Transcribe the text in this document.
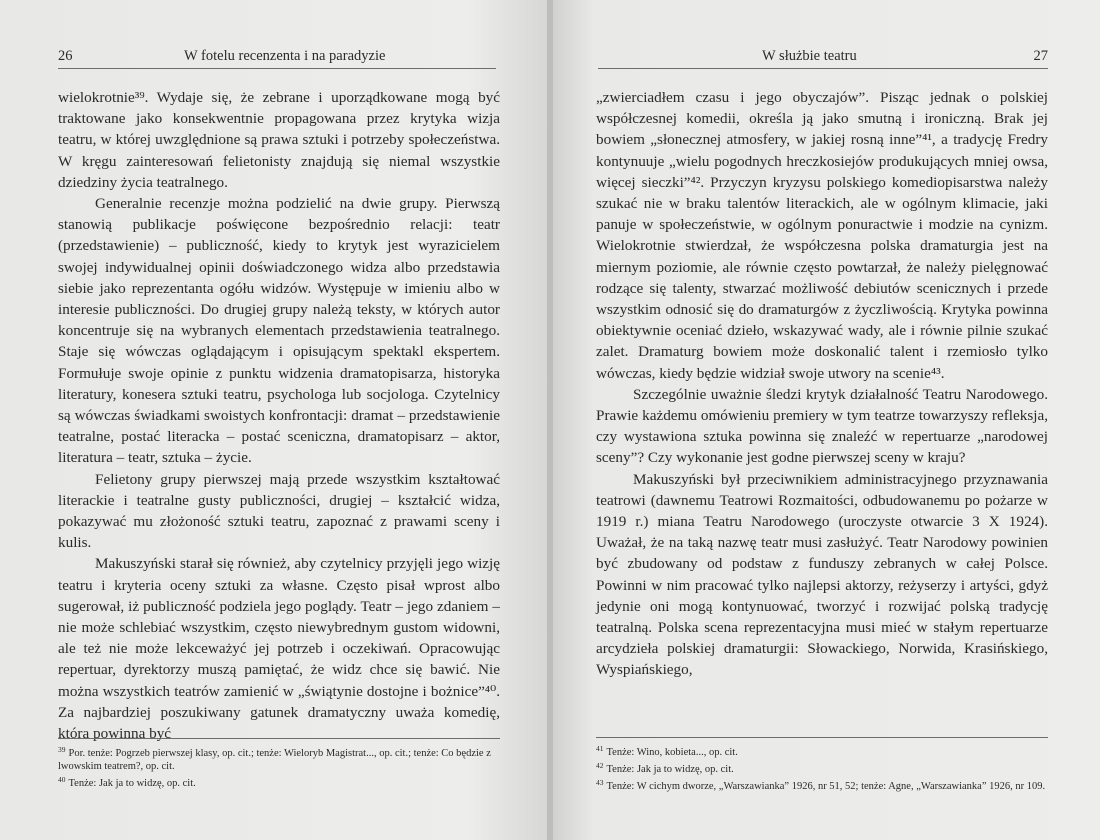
26	W fotelu recenzenta i na paradyzie

wielokrotnie³⁹. Wydaje się, że zebrane i uporządkowane mogą być traktowane jako konsekwentnie propagowana przez krytyka wizja teatru, w której uwzględnione są prawa sztuki i potrzeby społeczeństwa. W kręgu zainteresowań felietonisty znajdują się niemal wszystkie dziedziny życia teatralnego.

Generalnie recenzje można podzielić na dwie grupy. Pierwszą stanowią publikacje poświęcone bezpośrednio relacji: teatr (przedstawienie) – publiczność, kiedy to krytyk jest wyrazicielem swojej indywidualnej opinii doświadczonego widza albo przedstawia siebie jako reprezentanta ogółu widzów. Występuje w imieniu albo w interesie publiczności. Do drugiej grupy należą teksty, w których autor koncentruje się na wybranych elementach przedstawienia teatralnego. Staje się wówczas oglądającym i opisującym spektakl ekspertem. Formułuje swoje opinie z punktu widzenia dramatopisarza, historyka literatury, konesera sztuki teatru, psychologa lub socjologa. Czytelnicy są wówczas świadkami swoistych konfrontacji: dramat – przedstawienie teatralne, postać literacka – postać sceniczna, dramatopisarz – aktor, literatura – teatr, sztuka – życie.

Felietony grupy pierwszej mają przede wszystkim kształtować literackie i teatralne gusty publiczności, drugiej – kształcić widza, pokazywać mu złożoność sztuki teatru, zapoznać z prawami sceny i kulis.

Makuszyński starał się również, aby czytelnicy przyjęli jego wizję teatru i kryteria oceny sztuki za własne. Często pisał wprost albo sugerował, iż publiczność podziela jego poglądy. Teatr – jego zdaniem – nie może schlebiać wszystkim, często niewybrednym gustom widowni, ale też nie może lekceważyć jej potrzeb i oczekiwań. Opracowując repertuar, dyrektorzy muszą pamiętać, że widz chce się bawić. Nie można wszystkich teatrów zamienić w „świątynie dostojne i bożnice”⁴⁰. Za najbardziej poszukiwany gatunek dramatyczny uważa komedię, która powinna być

$^{39}$ Por. tenże: Pogrzeb pierwszej klasy, op. cit.; tenże: Wieloryb Magistrat..., op. cit.; tenże: Co będzie z lwowskim teatrem?, op. cit.

$^{40}$ Tenże: Jak ja to widzę, op. cit.

W służbie teatru	27

„zwierciadłem czasu i jego obyczajów”. Pisząc jednak o polskiej współczesnej komedii, określa ją jako smutną i ironiczną. Brak jej bowiem „słonecznej atmosfery, w jakiej rosną inne”⁴¹, a tradycję Fredry kontynuuje „wielu pogodnych hreczkosiejów produkujących mniej owsa, więcej sieczki”⁴². Przyczyn kryzysu polskiego komediopisarstwa należy szukać nie w braku talentów literackich, ale w ogólnym klimacie, jaki panuje w społeczeństwie, w ogólnym ponuractwie i modzie na cynizm. Wielokrotnie stwierdzał, że współczesna polska dramaturgia jest na miernym poziomie, ale równie często powtarzał, że należy pielęgnować rodzące się talenty, stwarzać możliwość debiutów scenicznych i przede wszystkim odnosić się do dramaturgów z życzliwością. Krytyka powinna obiektywnie oceniać dzieło, wskazywać wady, ale i równie pilnie szukać zalet. Dramaturg bowiem może doskonalić talent i rzemiosło tylko wówczas, kiedy będzie widział swoje utwory na scenie⁴³.

Szczególnie uważnie śledzi krytyk działalność Teatru Narodowego. Prawie każdemu omówieniu premiery w tym teatrze towarzyszy refleksja, czy wystawiona sztuka powinna się znaleźć w repertuarze „narodowej sceny”? Czy wykonanie jest godne pierwszej sceny w kraju?

Makuszyński był przeciwnikiem administracyjnego przyznawania teatrowi (dawnemu Teatrowi Rozmaitości, odbudowanemu po pożarze w 1919 r.) miana Teatru Narodowego (uroczyste otwarcie 3 X 1924). Uważał, że na taką nazwę teatr musi zasłużyć. Teatr Narodowy powinien być zbudowany od podstaw z funduszy zebranych w całej Polsce. Powinni w nim pracować tylko najlepsi aktorzy, reżyserzy i artyści, gdyż jedynie oni mogą kontynuować, tworzyć i rozwijać polską tradycję teatralną. Polska scena reprezentacyjna musi mieć w stałym repertuarze arcydzieła polskiej dramaturgii: Słowackiego, Norwida, Krasińskiego, Wyspiańskiego,

$^{41}$ Tenże: Wino, kobieta..., op. cit.

$^{42}$ Tenże: Jak ja to widzę, op. cit.

$^{43}$ Tenże: W cichym dworze, „Warszawianka” 1926, nr 51, 52; tenże: Agne, „Warszawianka” 1926, nr 109.
